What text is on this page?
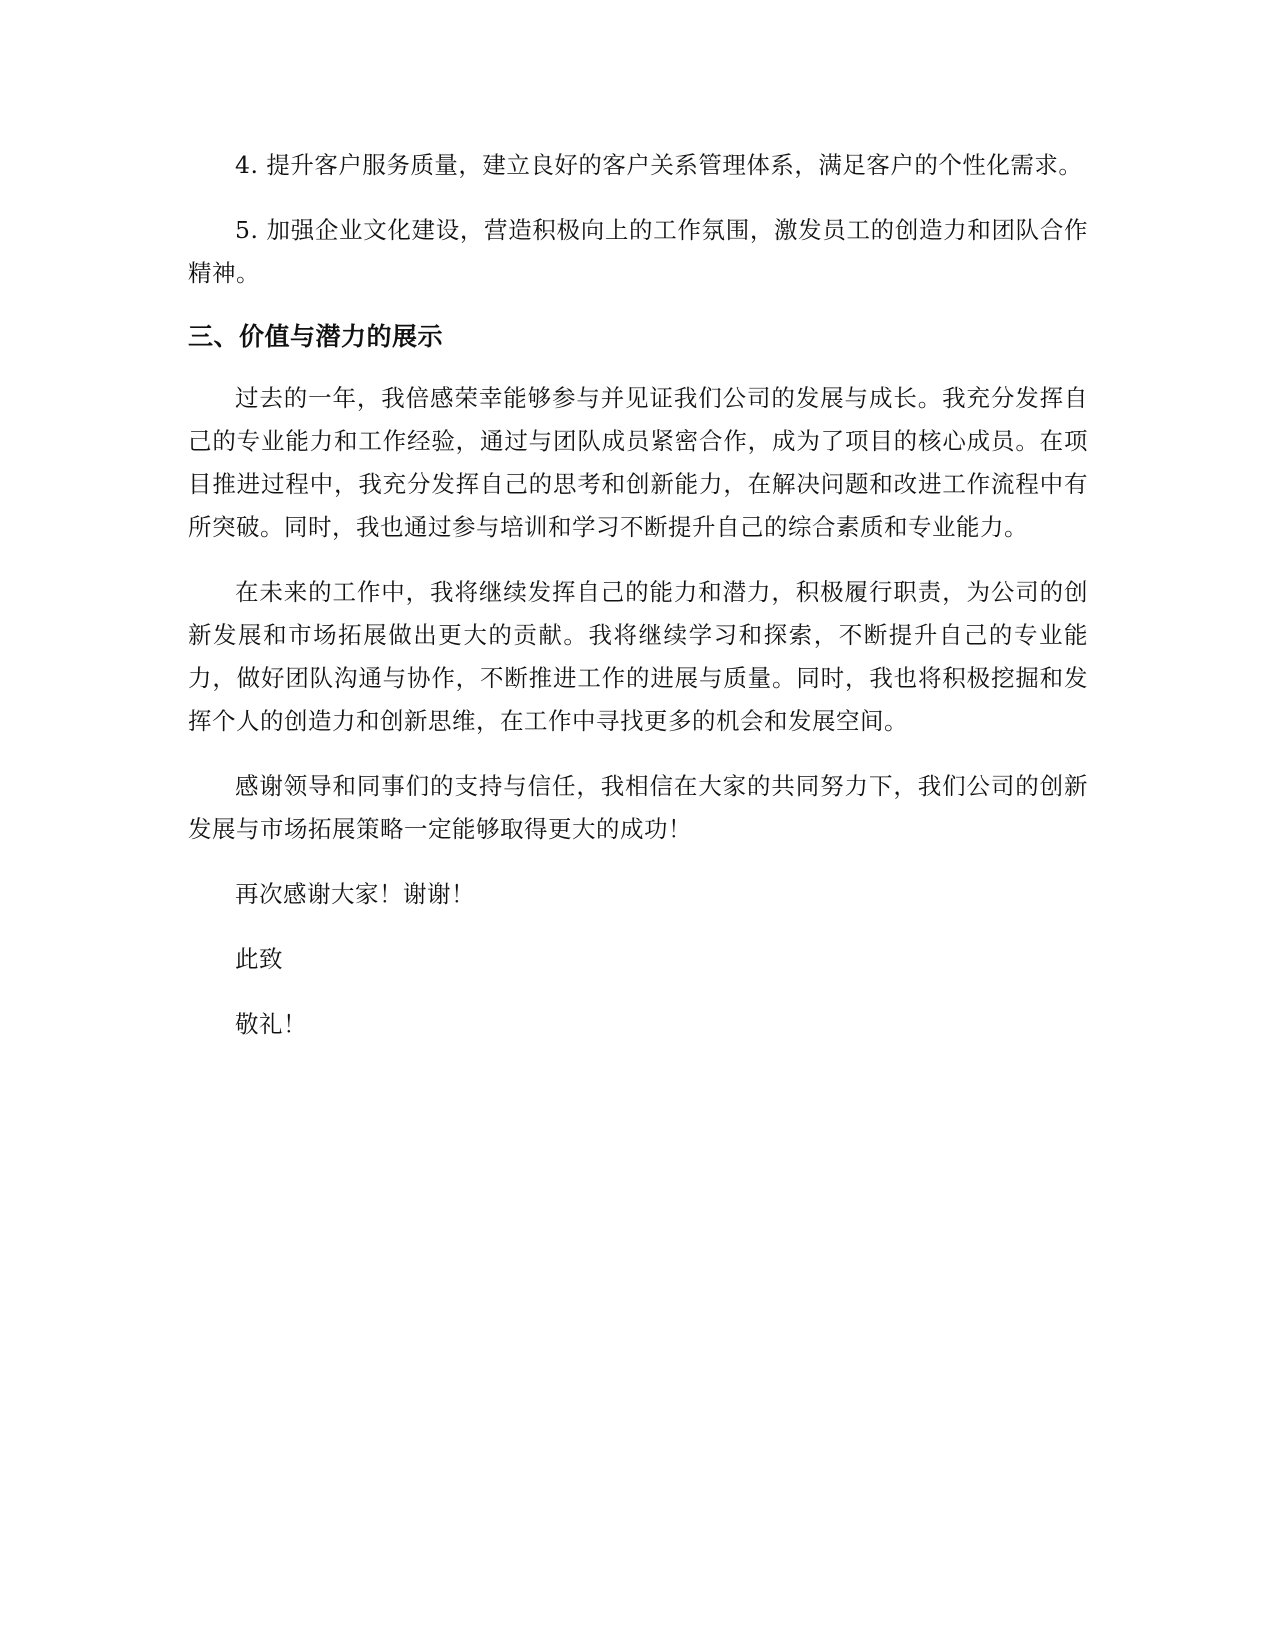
4. 提升客户服务质量，建立良好的客户关系管理体系，满足客户的个性化需求。

5. 加强企业文化建设，营造积极向上的工作氛围，激发员工的创造力和团队合作精神。

三、价值与潜力的展示

过去的一年，我倍感荣幸能够参与并见证我们公司的发展与成长。我充分发挥自己的专业能力和工作经验，通过与团队成员紧密合作，成为了项目的核心成员。在项目推进过程中，我充分发挥自己的思考和创新能力，在解决问题和改进工作流程中有所突破。同时，我也通过参与培训和学习不断提升自己的综合素质和专业能力。

在未来的工作中，我将继续发挥自己的能力和潜力，积极履行职责，为公司的创新发展和市场拓展做出更大的贡献。我将继续学习和探索，不断提升自己的专业能力，做好团队沟通与协作，不断推进工作的进展与质量。同时，我也将积极挖掘和发挥个人的创造力和创新思维，在工作中寻找更多的机会和发展空间。

感谢领导和同事们的支持与信任，我相信在大家的共同努力下，我们公司的创新发展与市场拓展策略一定能够取得更大的成功！

再次感谢大家！谢谢！

此致

敬礼！
